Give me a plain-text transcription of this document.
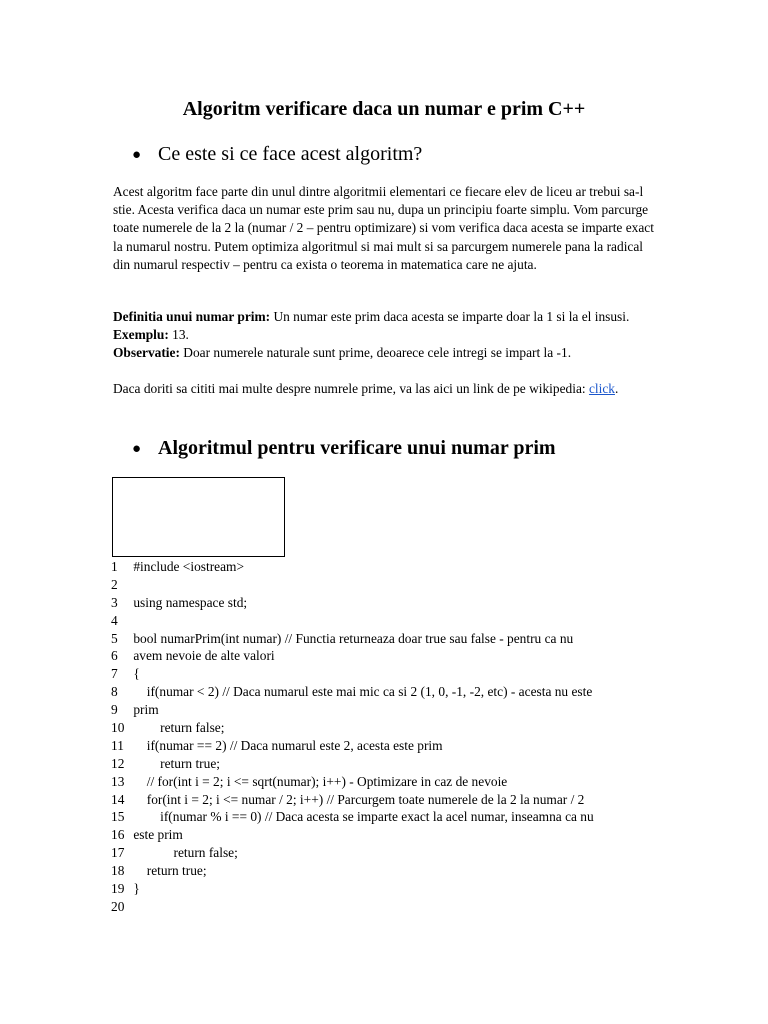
Algoritm verificare daca un numar e prim C++
● Ce este si ce face acest algoritm?
Acest algoritm face parte din unul dintre algoritmii elementari ce fiecare elev de liceu ar trebui sa-l stie. Acesta verifica daca un numar este prim sau nu, dupa un principiu foarte simplu. Vom parcurge toate numerele de la 2 la (numar / 2 – pentru optimizare) si vom verifica daca acesta se imparte exact la numarul nostru. Putem optimiza algoritmul si mai mult si sa parcurgem numerele pana la radical din numarul respectiv – pentru ca exista o teorema in matematica care ne ajuta.
Definitia unui numar prim: Un numar este prim daca acesta se imparte doar la 1 si la el insusi. Exemplu: 13.
Observatie: Doar numerele naturale sunt prime, deoarece cele intregi se impart la -1.
Daca doriti sa cititi mai multe despre numrele prime, va las aici un link de pe wikipedia: click.
● Algoritmul pentru verificare unui numar prim
1 #include <iostream>
2
3 using namespace std;
4
5 bool numarPrim(int numar) // Functia returneaza doar true sau false - pentru ca nu
6 avem nevoie de alte valori
7 {
8 if(numar < 2) // Daca numarul este mai mic ca si 2 (1, 0, -1, -2, etc) - acesta nu este
9 prim
10 return false;
11 if(numar == 2) // Daca numarul este 2, acesta este prim
12 return true;
13 // for(int i = 2; i <= sqrt(numar); i++) - Optimizare in caz de nevoie
14 for(int i = 2; i <= numar / 2; i++) // Parcurgem toate numerele de la 2 la numar / 2
15 if(numar % i == 0) // Daca acesta se imparte exact la acel numar, inseamna ca nu
16 este prim
17 return false;
18 return true;
19 }
20
